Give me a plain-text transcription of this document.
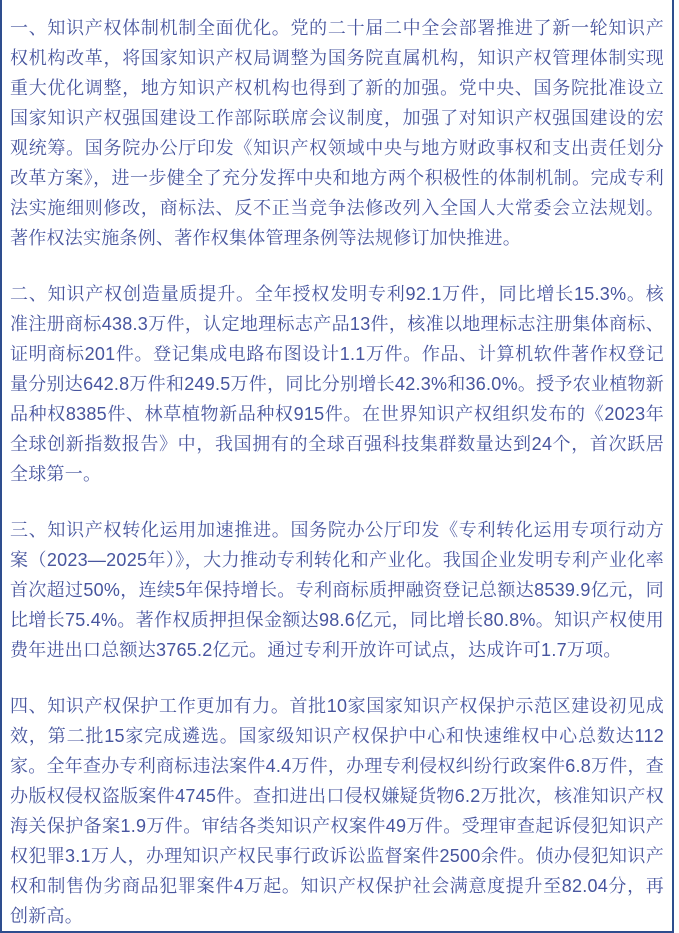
一、知识产权体制机制全面优化。党的二十届二中全会部署推进了新一轮知识产权机构改革，将国家知识产权局调整为国务院直属机构，知识产权管理体制实现重大优化调整，地方知识产权机构也得到了新的加强。党中央、国务院批准设立国家知识产权强国建设工作部际联席会议制度，加强了对知识产权强国建设的宏观统筹。国务院办公厅印发《知识产权领域中央与地方财政事权和支出责任划分改革方案》，进一步健全了充分发挥中央和地方两个积极性的体制机制。完成专利法实施细则修改，商标法、反不正当竞争法修改列入全国人大常委会立法规划。著作权法实施条例、著作权集体管理条例等法规修订加快推进。

二、知识产权创造量质提升。全年授权发明专利92.1万件，同比增长15.3%。核准注册商标438.3万件，认定地理标志产品13件，核准以地理标志注册集体商标、证明商标201件。登记集成电路布图设计1.1万件。作品、计算机软件著作权登记量分别达642.8万件和249.5万件，同比分别增长42.3%和36.0%。授予农业植物新品种权8385件、林草植物新品种权915件。在世界知识产权组织发布的《2023年全球创新指数报告》中，我国拥有的全球百强科技集群数量达到24个，首次跃居全球第一。

三、知识产权转化运用加速推进。国务院办公厅印发《专利转化运用专项行动方案（2023—2025年）》，大力推动专利转化和产业化。我国企业发明专利产业化率首次超过50%，连续5年保持增长。专利商标质押融资登记总额达8539.9亿元，同比增长75.4%。著作权质押担保金额达98.6亿元，同比增长80.8%。知识产权使用费年进出口总额达3765.2亿元。通过专利开放许可试点，达成许可1.7万项。

四、知识产权保护工作更加有力。首批10家国家知识产权保护示范区建设初见成效，第二批15家完成遴选。国家级知识产权保护中心和快速维权中心总数达112家。全年查办专利商标违法案件4.4万件，办理专利侵权纠纷行政案件6.8万件，查办版权侵权盗版案件4745件。查扣进出口侵权嫌疑货物6.2万批次，核准知识产权海关保护备案1.9万件。审结各类知识产权案件49万件。受理审查起诉侵犯知识产权犯罪3.1万人，办理知识产权民事行政诉讼监督案件2500余件。侦办侵犯知识产权和制售伪劣商品犯罪案件4万起。知识产权保护社会满意度提升至82.04分，再创新高。
